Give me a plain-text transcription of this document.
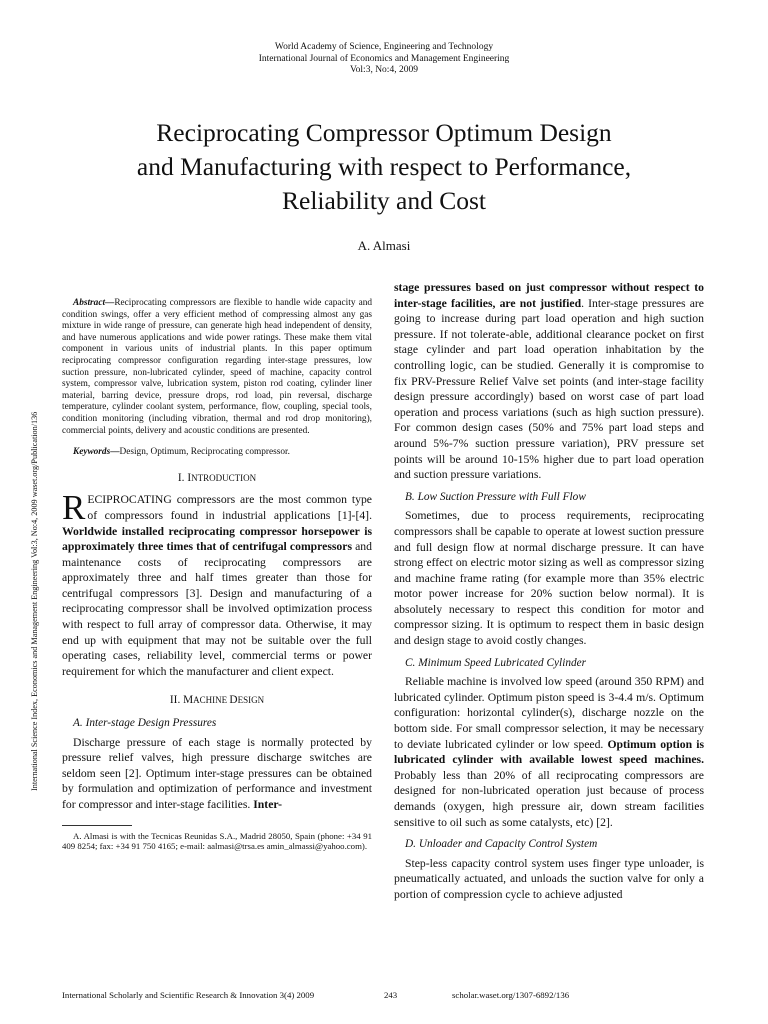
World Academy of Science, Engineering and Technology
International Journal of Economics and Management Engineering
Vol:3, No:4, 2009
Reciprocating Compressor Optimum Design
and Manufacturing with respect to Performance,
Reliability and Cost
A. Almasi
International Science Index, Economics and Management Engineering Vol:3, No:4, 2009 waset.org/Publication/136

Abstract—Reciprocating compressors are flexible to handle wide capacity and condition swings, offer a very efficient method of compressing almost any gas mixture in wide range of pressure, can generate high head independent of density, and have numerous applications and wide power ratings. These make them vital component in various units of industrial plants. In this paper optimum reciprocating compressor configuration regarding inter-stage pressures, low suction pressure, non-lubricated cylinder, speed of machine, capacity control system, compressor valve, lubrication system, piston rod coating, cylinder liner material, barring device, pressure drops, rod load, pin reversal, discharge temperature, cylinder coolant system, performance, flow, coupling, special tools, condition monitoring (including vibration, thermal and rod drop monitoring), commercial points, delivery and acoustic conditions are presented.

Keywords—Design, Optimum, Reciprocating compressor.

I. INTRODUCTION

RECIPROCATING compressors are the most common type of compressors found in industrial applications [1]-[4]. Worldwide installed reciprocating compressor horsepower is approximately three times that of centrifugal compressors and maintenance costs of reciprocating compressors are approximately three and half times greater than those for centrifugal compressors [3]. Design and manufacturing of a reciprocating compressor shall be involved optimization process with respect to full array of compressor data. Otherwise, it may end up with equipment that may not be suitable over the full operating cases, reliability level, commercial terms or power requirement for which the manufacturer and client expect.

II. MACHINE DESIGN
A. Inter-stage Design Pressures

Discharge pressure of each stage is normally protected by pressure relief valves, high pressure discharge switches are seldom seen [2]. Optimum inter-stage pressures can be obtained by formulation and optimization of performance and investment for compressor and inter-stage facilities. Inter-

A. Almasi is with the Tecnicas Reunidas S.A., Madrid 28050, Spain (phone: +34 91 409 8254; fax: +34 91 750 4165; e-mail: aalmasi@trsa.es amin_almassi@yahoo.com).

stage pressures based on just compressor without respect to inter-stage facilities, are not justified. Inter-stage pressures are going to increase during part load operation and high suction pressure. If not tolerate-able, additional clearance pocket on first stage cylinder and part load operation inhabitation by the controlling logic, can be studied. Generally it is compromise to fix PRV-Pressure Relief Valve set points (and inter-stage facility design pressure accordingly) based on worst case of part load operation and process variations (such as high suction pressure). For common design cases (50% and 75% part load steps and around 5%-7% suction pressure variation), PRV pressure set points will be around 10-15% higher due to part load operation and suction pressure variations.

B. Low Suction Pressure with Full Flow

Sometimes, due to process requirements, reciprocating compressors shall be capable to operate at lowest suction pressure and full design flow at normal discharge pressure. It can have strong effect on electric motor sizing as well as compressor sizing and machine frame rating (for example more than 35% electric motor power increase for 20% suction below normal). It is absolutely necessary to respect this condition for motor and compressor sizing. It is optimum to respect them in basic design and design stage to avoid costly changes.

C. Minimum Speed Lubricated Cylinder

Reliable machine is involved low speed (around 350 RPM) and lubricated cylinder. Optimum piston speed is 3-4.4 m/s. Optimum configuration: horizontal cylinder(s), discharge nozzle on the bottom side. For small compressor selection, it may be necessary to deviate lubricated cylinder or low speed. Optimum option is lubricated cylinder with available lowest speed machines. Probably less than 20% of all reciprocating compressors are designed for non-lubricated operation just because of process demands (oxygen, high pressure air, down stream facilities sensitive to oil such as some catalysts, etc) [2].

D. Unloader and Capacity Control System

Step-less capacity control system uses finger type unloader, is pneumatically actuated, and unloads the suction valve for only a portion of compression cycle to achieve adjusted

International Scholarly and Scientific Research & Innovation 3(4) 2009	243	scholar.waset.org/1307-6892/136
